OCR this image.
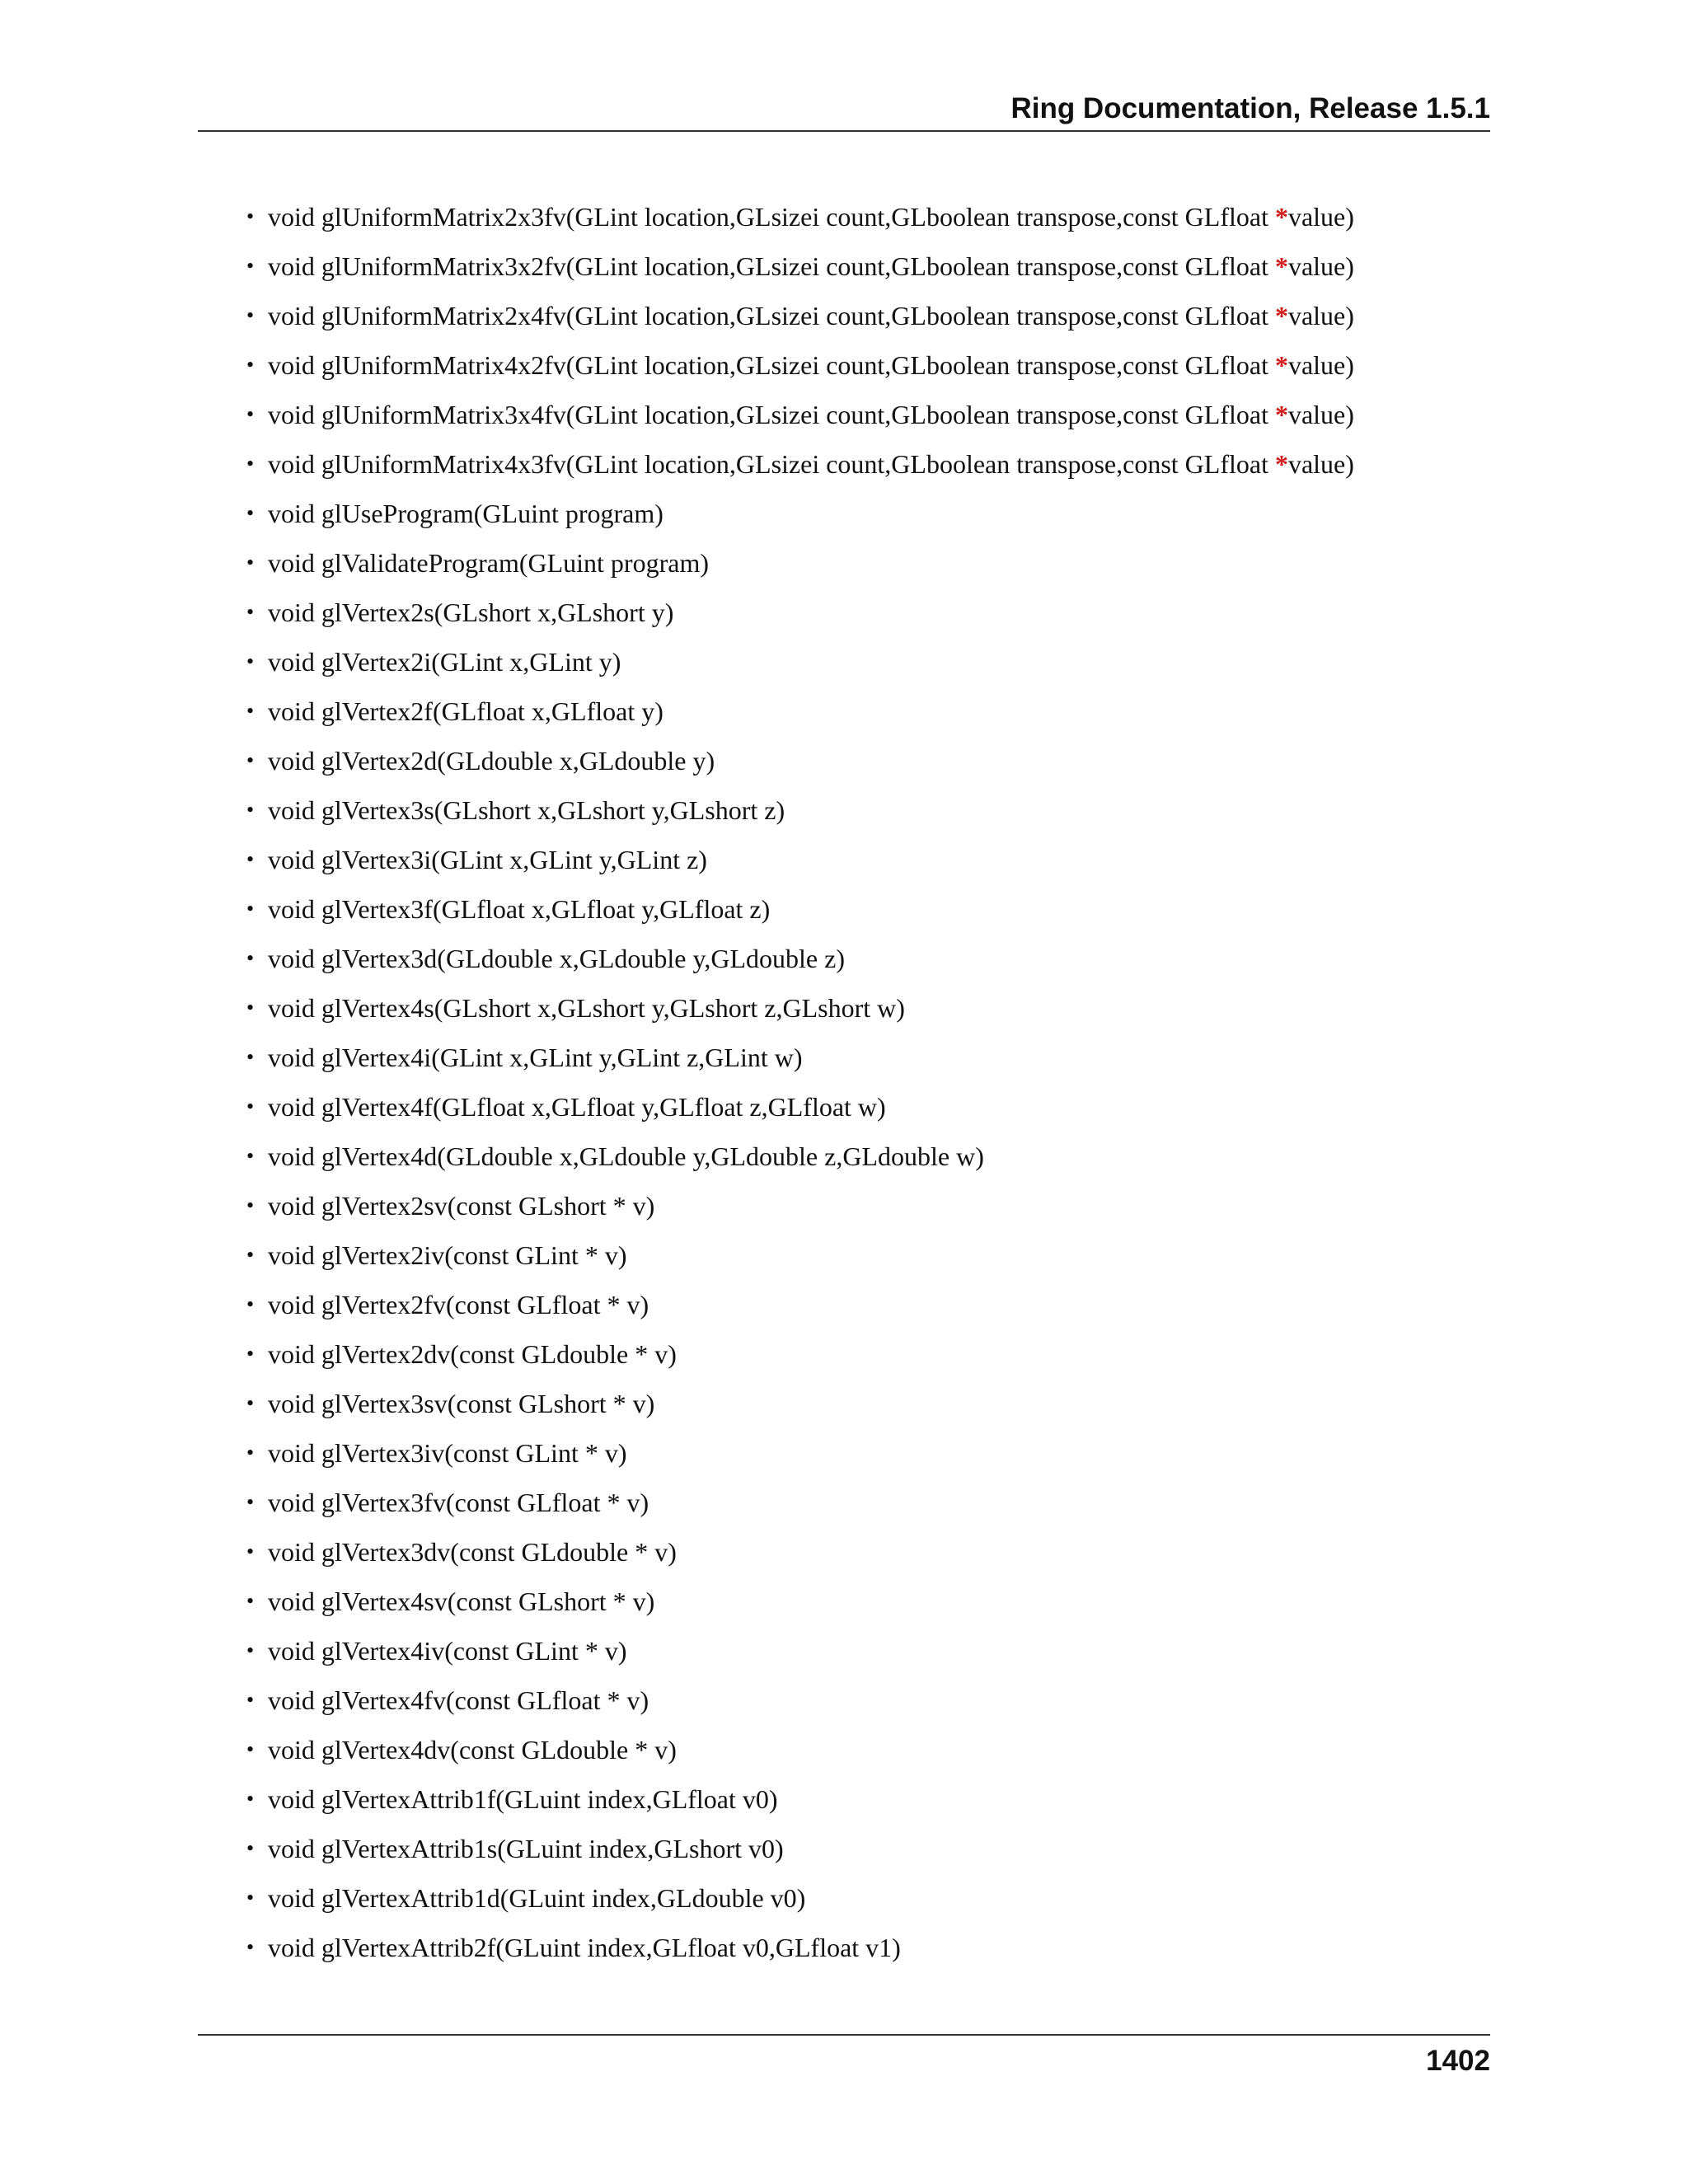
Ring Documentation, Release 1.5.1
• void glUniformMatrix2x3fv(GLint location,GLsizei count,GLboolean transpose,const GLfloat *value)
• void glUniformMatrix3x2fv(GLint location,GLsizei count,GLboolean transpose,const GLfloat *value)
• void glUniformMatrix2x4fv(GLint location,GLsizei count,GLboolean transpose,const GLfloat *value)
• void glUniformMatrix4x2fv(GLint location,GLsizei count,GLboolean transpose,const GLfloat *value)
• void glUniformMatrix3x4fv(GLint location,GLsizei count,GLboolean transpose,const GLfloat *value)
• void glUniformMatrix4x3fv(GLint location,GLsizei count,GLboolean transpose,const GLfloat *value)
• void glUseProgram(GLuint program)
• void glValidateProgram(GLuint program)
• void glVertex2s(GLshort x,GLshort y)
• void glVertex2i(GLint x,GLint y)
• void glVertex2f(GLfloat x,GLfloat y)
• void glVertex2d(GLdouble x,GLdouble y)
• void glVertex3s(GLshort x,GLshort y,GLshort z)
• void glVertex3i(GLint x,GLint y,GLint z)
• void glVertex3f(GLfloat x,GLfloat y,GLfloat z)
• void glVertex3d(GLdouble x,GLdouble y,GLdouble z)
• void glVertex4s(GLshort x,GLshort y,GLshort z,GLshort w)
• void glVertex4i(GLint x,GLint y,GLint z,GLint w)
• void glVertex4f(GLfloat x,GLfloat y,GLfloat z,GLfloat w)
• void glVertex4d(GLdouble x,GLdouble y,GLdouble z,GLdouble w)
• void glVertex2sv(const GLshort * v)
• void glVertex2iv(const GLint * v)
• void glVertex2fv(const GLfloat * v)
• void glVertex2dv(const GLdouble * v)
• void glVertex3sv(const GLshort * v)
• void glVertex3iv(const GLint * v)
• void glVertex3fv(const GLfloat * v)
• void glVertex3dv(const GLdouble * v)
• void glVertex4sv(const GLshort * v)
• void glVertex4iv(const GLint * v)
• void glVertex4fv(const GLfloat * v)
• void glVertex4dv(const GLdouble * v)
• void glVertexAttrib1f(GLuint index,GLfloat v0)
• void glVertexAttrib1s(GLuint index,GLshort v0)
• void glVertexAttrib1d(GLuint index,GLdouble v0)
• void glVertexAttrib2f(GLuint index,GLfloat v0,GLfloat v1)
1402
